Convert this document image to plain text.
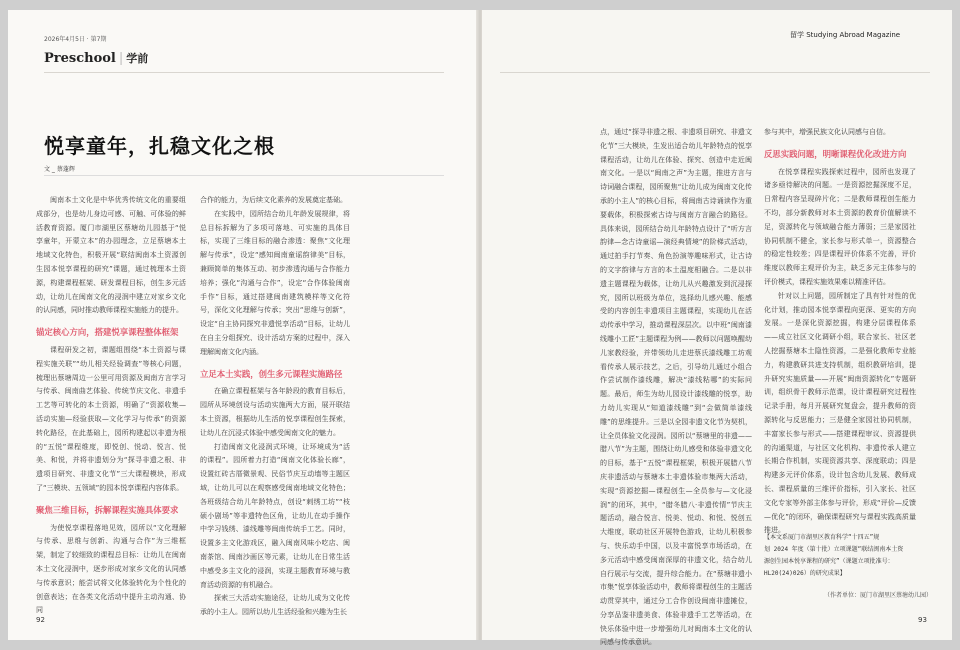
2026年4月5日 · 第7期
Preschool | 学前
悦享童年，扎稳文化之根
文 _ 蔡蓬辉

闽南本土文化是中华优秀传统文化的重要组成部分，也是幼儿身边可感、可触、可体验的鲜活教育资源。厦门市湖里区蔡塘幼儿园基于“悦享童年，开蒙立本”的办园理念，立足蔡塘本土地域文化特色，积极开展“联结闽南本土资源创生园本悦享课程的研究”课题，通过梳理本土资源，构建课程框架、研发课程目标，创生多元活动，让幼儿在闽南文化的浸润中建立对家乡文化的认同感，同时推动教师课程实施能力的提升。

锚定核心方向，搭建悦享课程整体框架

课程研发之初，课题组围绕“本土资源与课程实施关联”“幼儿相关经验调查”等核心问题，梳理出蔡塘周边一公里可用资源及闽南方言学习与传承、闽南曲艺体验、传统节庆文化、非遗手工艺等可转化的本土资源，明确了“资源收集—活动实施—经验获取—文化学习与传承”的资源转化路径，在此基础上，园所构建起以非遗为根的“五悦”课程维度，即悦创、悦动、悦言、悦美、和悦，并将非遗划分为“探寻非遗之根、非遗项目研究、非遗文化节”三大课程模块，形成了“三模块、五领域”的园本悦享课程内容体系。

聚焦三维目标，拆解课程实施具体要求

为使悦享课程落地见效，园所以“文化理解与传承、思维与创新、沟通与合作”为三维框架，制定了较细致的课程总目标：让幼儿在闽南本土文化浸润中，逐步形成对家乡文化的认同感与传承意识；能尝试将文化体验转化为个性化的创意表达；在各类文化活动中提升主动沟通、协同

合作的能力，为后续文化素养的发展奠定基础。

在实践中，园所结合幼儿年龄发展规律，将总目标拆解为了多项可落地、可实施的具体目标，实现了三维目标的融合渗透：聚焦“文化理解与传承”，设定“感知闽南童谣韵律美”目标，兼顾简单的集体互动、初步渗透沟通与合作能力培养；强化“沟通与合作”，设定“合作体验闽南手作”目标，通过搭建闽南建筑模样等文化符号，深化文化理解与传承；突出“思维与创新”，设定“自主协同探究非遗悦享活动”目标，让幼儿在自主分组探究、设计活动方案的过程中，深入理解闽南文化内涵。

立足本土实践，创生多元课程实施路径

在确立课程框架与各年龄段的教育目标后，园所从环境创设与活动实施两大方面，展开联结本土资源，根据幼儿生活的悦享课程创生探索，让幼儿在沉浸式体验中感受闽南文化的魅力。

打造闽南文化浸润式环境，让环境成为“活的课程”。园所着力打造“闽南文化体验长廊”，设置红砖古厝微景观、民俗节庆互动墙等主题区域，让幼儿可以在观察感受闽南地域文化特色；各班级结合幼儿年龄特点，创设“刺绣工坊”“枝硕小剧场”等非遗特色区角，让幼儿在动手操作中学习钱绣、漆线雕等闽南传统手工艺。同时，设置多主文化游戏区，融入闽南风味小吃店、闽南茶馆、闽南沙画区等元素，让幼儿在日常生活中感受多主文化的浸润，实现主题教育环境与教育活动资源的有机融合。

探索三大活动实施途径，让幼儿成为文化传承的小主人。园所以幼儿生活经验和兴趣为生长

92

点，通过“探寻非遗之根、非遗项目研究、非遗文化节”三大模块，生发出适合幼儿年龄特点的悦享课程活动，让幼儿在体验、探究、创造中走近闽南文化。一是以“闽南之声”为主题，推进方言与诗词融合课程，园所聚焦“让幼儿成为闽南文化传承的小主人”的核心目标，将闽南古诗诵读作为重要载体，积极探索古诗与闽南方言融合的路径。具体来说，园所结合幼儿年龄特点设计了“听方言韵律—念古诗童谣—演经典情境”的阶梯式活动，通过拍手打节奏、角色扮演等趣味形式，让古诗的文字韵律与方言的本土温度相融合。二是以非遗主题课程为载体，让幼儿从兴趣激发到沉浸探究，园所以班级为单位，选择幼儿感兴趣、能感受的内容创生非遗项目主题课程，实现幼儿在活动传承中学习，推动课程深层次。以中班“闽南漆线雕小工匠”主题课程为例——教师以问题唤醒幼儿家教经验，并带领幼儿走进蔡氏漆线雕工坊观看传承人展示技艺，之后，引导幼儿通过小组合作尝试制作漆线雕，解决“漆线粘哪”的实际问题。最后，师生为幼儿园设计漆线雕的悦享，助力幼儿实现从“知道漆线雕”到“会做简单漆线雕”的思维提升。三是以全园非遗文化节为契机，让全员体验文化浸润。园所以“蔡塘里的非遗——腊八节”为主题，围绕让幼儿感受和体验非遗文化的目标，基于“五悦”课程框架，积极开展腊八节庆非遗活动与蔡塘本土非遗体验市集两大活动，实现“资源挖掘—课程创生—全员参与—文化浸润”的闭环，其中，“腊冬腊八·非遗传情”节庆主题活动，融合悦言、悦美、悦动、和悦、悦创五大维度，联动社区开展特色游戏，让幼儿积极参与、快乐动手中国，以及丰富悦享市场活动，在多元活动中感受闽南深厚的非遗文化，结合幼儿自行展示与交流，提升综合能力。在“蔡塘非遗小市集”悦享体验活动中，教师将课程创生的主题活动贯穿其中，通过分工合作创设闽南非遗摊位，分享品鉴非遗美食、体验非遗手工艺等活动，在快乐体验中进一步增强幼儿对闽南本土文化的认同感与传承意识。

参与其中，增强民族文化认同感与自信。

反思实践问题，明晰课程优化改进方向

在悦享课程实践探索过程中，园所也发现了诸多亟待解决的问题。一是资源挖掘深度不足，日常程内容呈现碎片化；二是教师课程创生能力不均，部分新教师对本土资源的教育价值解读不足，资源转化与领域融合能力薄弱；三是家园社协同机制不健全，家长参与形式单一，资源整合的稳定性较差；四是课程评价体系不完善，评价维度以教师主观评价为主，缺乏多元主体参与的评价模式，课程实施效果难以精准评估。

针对以上问题，园所制定了具有针对性的优化计划，推动园本悦享课程向更深、更实的方向发展。一是深化资源挖掘，构建分层课程体系——成立社区文化调研小组，联合家长、社区老人挖掘蔡塘本土隐性资源，二是强化教师专业能力，构建教研共进支持机制，组织教研培训，提升研究实施质量——开展“闽南资源转化”专题研训，组织骨干教师示范课，设计课程研究过程性记录手册，每月开展研究复盘会，提升教师的资源转化与反思能力；三是健全家园社协同机制，丰富家长参与形式——搭建课程审议、资源提供的沟通渠道，与社区文化机构、非遗传承人建立长期合作机制，实现资源共享、深度联动；四是构建多元评价体系，设计包含幼儿发展、教师成长、课程质量的三维评价指标，引入家长、社区文化专家等外部主体参与评价，形成“评价—反馈—优化”的闭环，确保课程研究与课程实践高质量推进。

留学 Studying Abroad Magazine
【本文系厦门市湖里区教育科学“十四五”规
划 2024 年度（第十批）立项课题“联结闽南本土资
源创生园本悦享课程的研究”（课题立项批准号：
HL20(24)026）的研究成果】
（作者单位：厦门市湖里区蔡塘幼儿园）
93
